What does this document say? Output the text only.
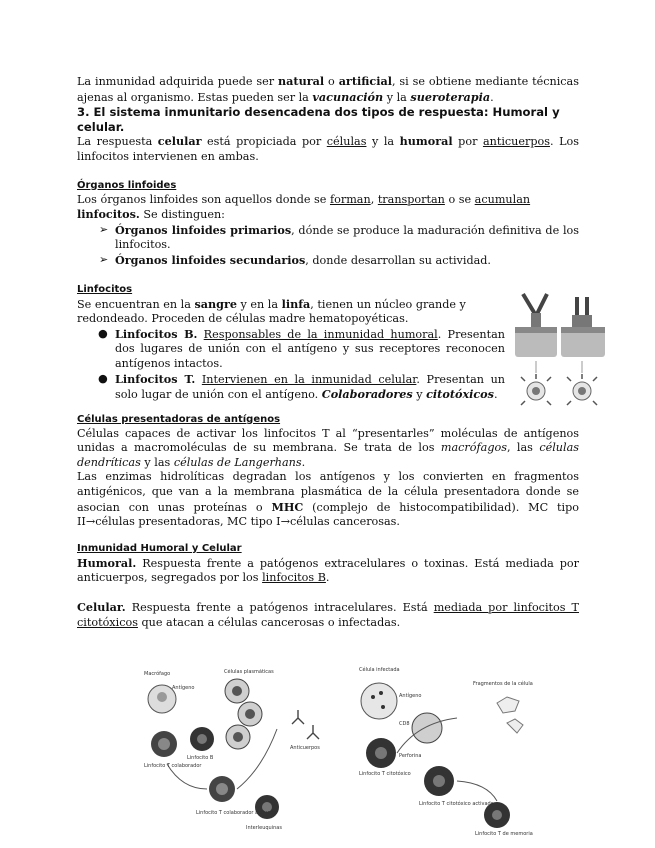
La inmunidad adquirida puede ser natural o artificial, si se obtiene mediante técnicas ajenas al organismo. Estas pueden ser la vacunación y la sueroterapia.

3. El sistema inmunitario desencadena dos tipos de respuesta: Humoral y celular.

La respuesta celular está propiciada por células y la humoral por anticuerpos. Los linfocitos intervienen en ambas.

Órganos linfoides

Los órganos linfoides son aquellos donde se forman, transportan o se acumulan linfocitos. Se distinguen:

➢ Órganos linfoides primarios, dónde se produce la maduración definitiva de los linfocitos.
➢ Órganos linfoides secundarios, donde desarrollan su actividad.

Linfocitos

Se encuentran en la sangre y en la linfa, tienen un núcleo grande y redondeado. Proceden de células madre hematopoyéticas.

● Linfocitos B. Responsables de la inmunidad humoral. Presentan dos lugares de unión con el antígeno y sus receptores reconocen antígenos intactos.
● Linfocitos T. Intervienen en la inmunidad celular. Presentan un solo lugar de unión con el antígeno. Colaboradores y citotóxicos.

Células presentadoras de antígenos

Células capaces de activar los linfocitos T al “presentarles” moléculas de antígenos unidas a macromoléculas de su membrana. Se trata de los macrófagos, las células dendríticas y las células de Langerhans.

Las enzimas hidrolíticas degradan los antígenos y los convierten en fragmentos antigénicos, que van a la membrana plasmática de la célula presentadora donde se asocian con unas proteínas o MHC (complejo de histocompatibilidad). MC tipo II→células presentadoras, MC tipo I→células cancerosas.

Inmunidad Humoral y Celular

Humoral. Respuesta frente a patógenos extracelulares o toxinas. Está mediada por anticuerpos, segregados por los linfocitos B.

Celular. Respuesta frente a patógenos intracelulares. Está mediada por linfocitos T citotóxicos que atacan a células cancerosas o infectadas.

Macrófago
Antígeno
Linfocito T colaborador
Linfocito B
Linfocito T colaborador activado
Células plasmáticas
Anticuerpos
Interleuquinas
Célula infectada
Antígeno
CD8
Linfocito T citotóxico
Perforina
Linfocito T citotóxico activado
Fragmentos de la célula
Linfocito T de memoria
